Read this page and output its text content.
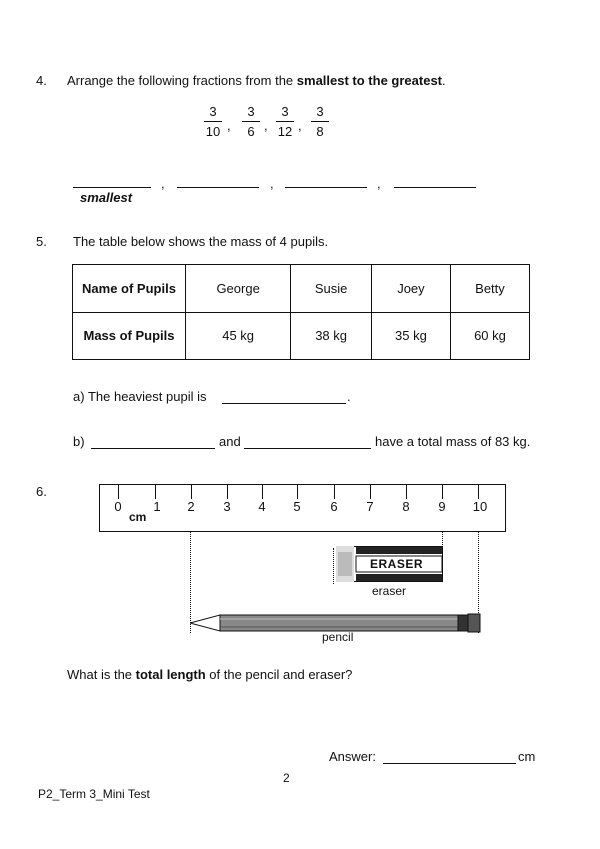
4. Arrange the following fractions from the smallest to the greatest.
3
10 ,
3
6 ,
3
12 ,
3
8
,	,	,
smallest
5. The table below shows the mass of 4 pupils.
Name of Pupils	George	Susie	Joey	Betty
Mass of Pupils	45 kg	38 kg	35 kg	60 kg
a) The heaviest pupil is	.
b)	and	have a total mass of 83 kg.
6.
0	1	2	3	4	5	6	7	8	9	10
cm
ERASER
eraser
pencil
What is the total length of the pencil and eraser?
Answer:	cm
2
P2_Term 3_Mini Test
